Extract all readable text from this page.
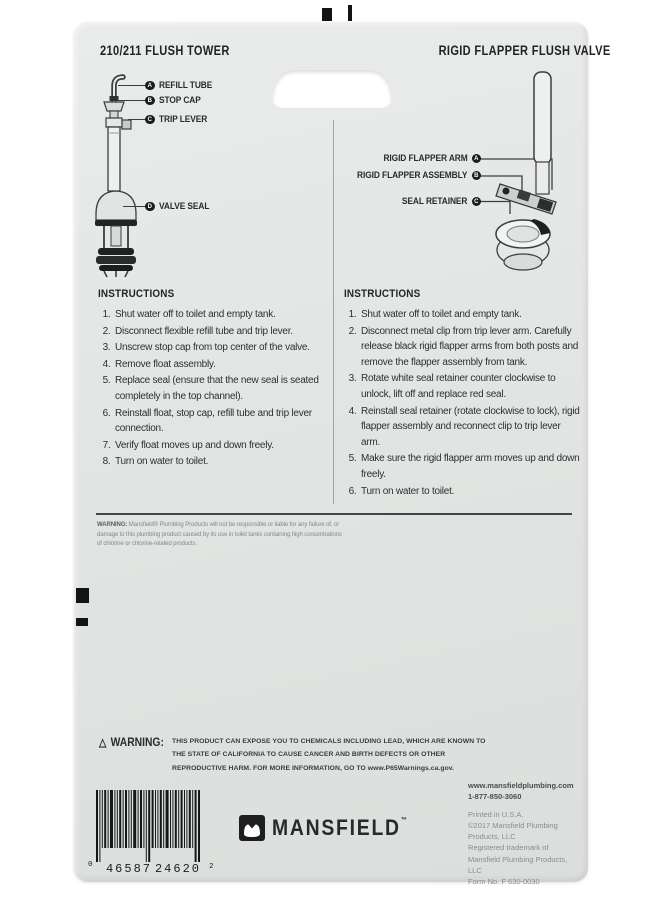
210/211 FLUSH TOWER	RIGID FLAPPER FLUSH VALVE
A REFILL TUBE
B STOP CAP
C TRIP LEVER
D VALVE SEAL
RIGID FLAPPER ARM	A
RIGID FLAPPER ASSEMBLY	B
SEAL RETAINER	C
INSTRUCTIONS
1. Shut water off to toilet and empty tank.
2. Disconnect flexible refill tube and trip lever.
3. Unscrew stop cap from top center of the valve.
4. Remove float assembly.
5. Replace seal (ensure that the new seal is seated completely in the top channel).
6. Reinstall float, stop cap, refill tube and trip lever connection.
7. Verify float moves up and down freely.
8. Turn on water to toilet.
INSTRUCTIONS
1. Shut water off to toilet and empty tank.
2. Disconnect metal clip from trip lever arm. Carefully release black rigid flapper arms from both posts and remove the flapper assembly from tank.
3. Rotate white seal retainer counter clockwise to unlock, lift off and replace red seal.
4. Reinstall seal retainer (rotate clockwise to lock), rigid flapper assembly and reconnect clip to trip lever arm.
5. Make sure the rigid flapper arm moves up and down freely.
6. Turn on water to toilet.
WARNING: Mansfield® Plumbing Products will not be responsible or liable for any failure of, or damage to this plumbing product caused by its use in toilet tanks containing high concentrations of chlorine or chlorine-related products.
△
WARNING: THIS PRODUCT CAN EXPOSE YOU TO CHEMICALS INCLUDING LEAD, WHICH ARE KNOWN TO THE STATE OF CALIFORNIA TO CAUSE CANCER AND BIRTH DEFECTS OR OTHER REPRODUCTIVE HARM. FOR MORE INFORMATION, GO TO www.P65Warnings.ca.gov.
www.mansfieldplumbing.com
1-877-850-3060
Printed in U.S.A.
©2017 Mansfield Plumbing Products, LLC
Registered trademark of
Mansfield Plumbing Products, LLC
Form No. F 630-0030
0 46587 24620 2
MANSFIELD™
